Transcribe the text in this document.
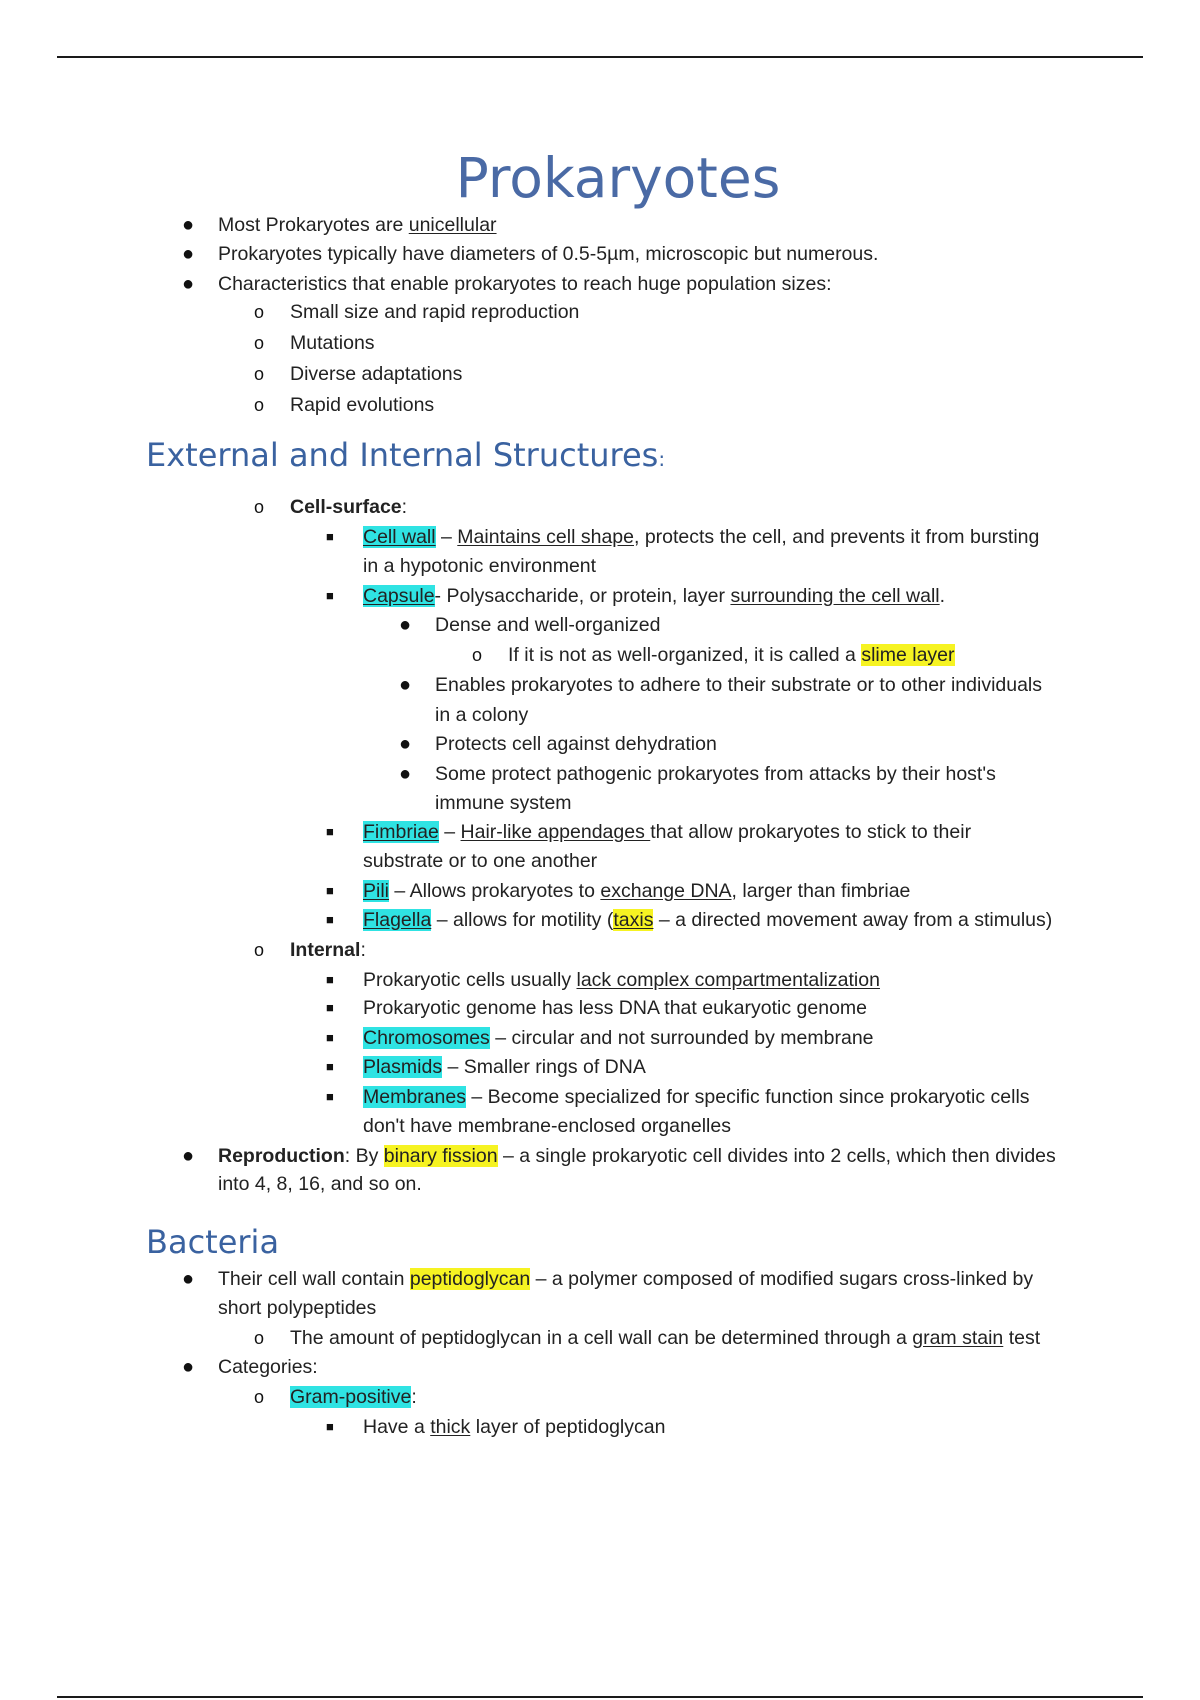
Prokaryotes
● Most Prokaryotes are unicellular
● Prokaryotes typically have diameters of 0.5-5µm, microscopic but numerous.
● Characteristics that enable prokaryotes to reach huge population sizes:
o Small size and rapid reproduction
o Mutations
o Diverse adaptations
o Rapid evolutions
External and Internal Structures:
o Cell-surface:
■ Cell wall – Maintains cell shape, protects the cell, and prevents it from bursting
in a hypotonic environment
■ Capsule- Polysaccharide, or protein, layer surrounding the cell wall.
● Dense and well-organized
o If it is not as well-organized, it is called a slime layer
● Enables prokaryotes to adhere to their substrate or to other individuals
in a colony
● Protects cell against dehydration
● Some protect pathogenic prokaryotes from attacks by their host's
immune system
■ Fimbriae – Hair-like appendages that allow prokaryotes to stick to their
substrate or to one another
■ Pili – Allows prokaryotes to exchange DNA, larger than fimbriae
■ Flagella – allows for motility (taxis – a directed movement away from a stimulus)
o Internal:
■ Prokaryotic cells usually lack complex compartmentalization
■ Prokaryotic genome has less DNA that eukaryotic genome
■ Chromosomes – circular and not surrounded by membrane
■ Plasmids – Smaller rings of DNA
■ Membranes – Become specialized for specific function since prokaryotic cells
don't have membrane-enclosed organelles
● Reproduction: By binary fission – a single prokaryotic cell divides into 2 cells, which then divides
into 4, 8, 16, and so on.
Bacteria
● Their cell wall contain peptidoglycan – a polymer composed of modified sugars cross-linked by
short polypeptides
o The amount of peptidoglycan in a cell wall can be determined through a gram stain test
● Categories:
o Gram-positive:
■ Have a thick layer of peptidoglycan
